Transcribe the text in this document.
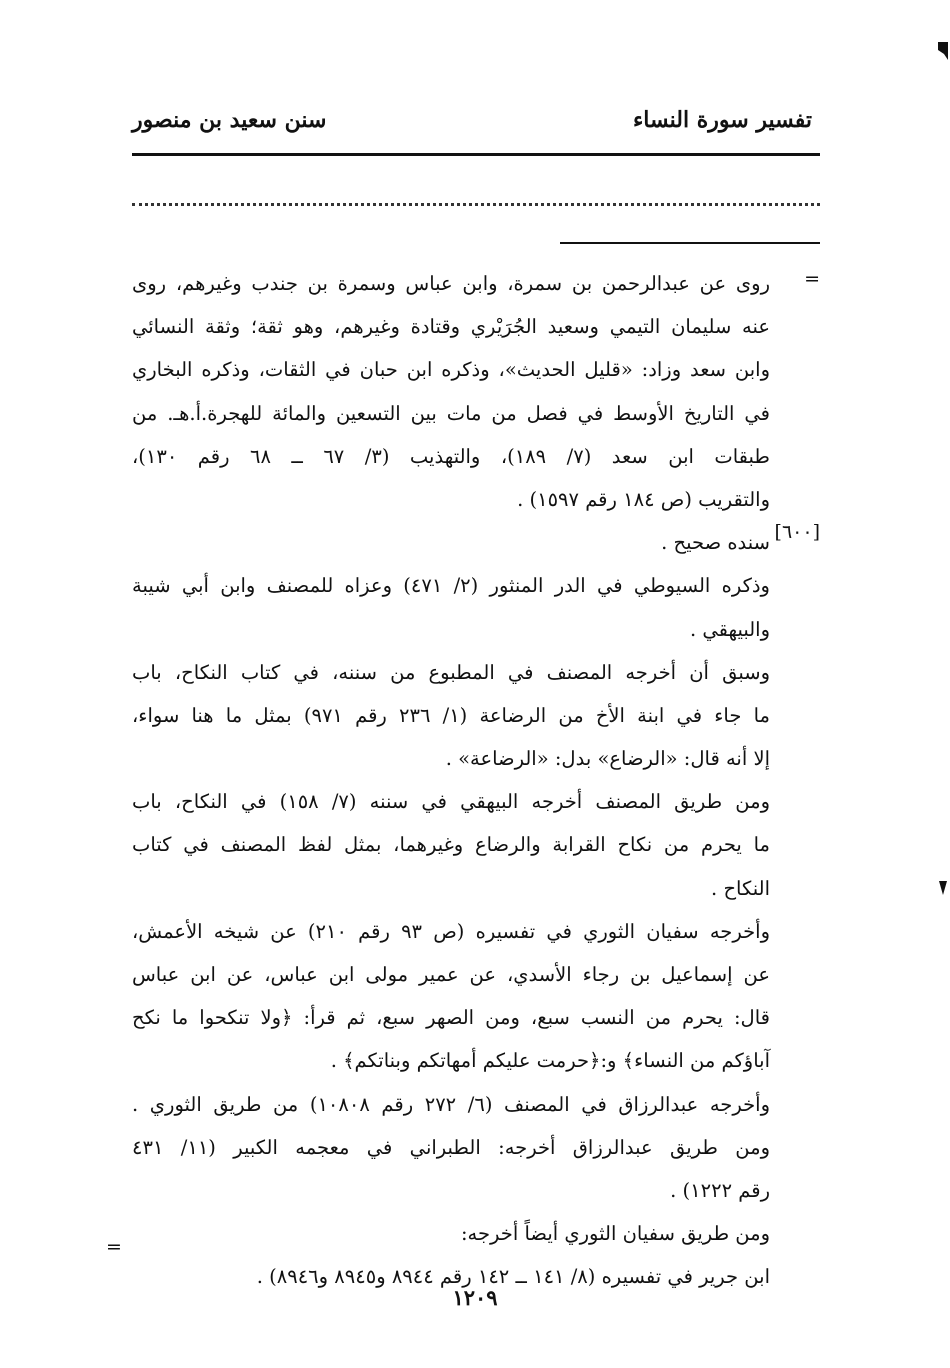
تفسير سورة النساء
سنن سعيد بن منصور
=
[٦٠٠]
=
روى عن عبدالرحمن بن سمرة، وابن عباس وسمرة بن جندب وغيرهم، روى
عنه سليمان التيمي وسعيد الجُرَيْري وقتادة وغيرهم، وهو ثقة؛ وثقة النسائي
وابن سعد وزاد: «قليل الحديث»، وذكره ابن حبان في الثقات، وذكره البخاري
في التاريخ الأوسط في فصل من مات بين التسعين والمائة للهجرة.أ.هـ. من
طبقات ابن سعد (٧/ ١٨٩)، والتهذيب (٣/ ٦٧ ــ ٦٨ رقم ١٣٠)،
والتقريب (ص ١٨٤ رقم ١٥٩٧) .
سنده صحيح .
وذكره السيوطي في الدر المنثور (٢/ ٤٧١) وعزاه للمصنف وابن أبي شيبة
والبيهقي .
وسبق أن أخرجه المصنف في المطبوع من سننه، في كتاب النكاح، باب
ما جاء في ابنة الأخ من الرضاعة (١/ ٢٣٦ رقم ٩٧١) بمثل ما هنا سواء،
إلا أنه قال: «الرضاع» بدل: «الرضاعة» .
ومن طريق المصنف أخرجه البيهقي في سننه (٧/ ١٥٨) في النكاح، باب
ما يحرم من نكاح القرابة والرضاع وغيرهما، بمثل لفظ المصنف في كتاب
النكاح .
وأخرجه سفيان الثوري في تفسيره (ص ٩٣ رقم ٢١٠) عن شيخه الأعمش،
عن إسماعيل بن رجاء الأسدي، عن عمير مولى ابن عباس، عن ابن عباس
قال: يحرم من النسب سبع، ومن الصهر سبع، ثم قرأ: ﴿ولا تنكحوا ما نكح
آباؤكم من النساء﴾ و:﴿حرمت عليكم أمهاتكم وبناتكم﴾ .
وأخرجه عبدالرزاق في المصنف (٦/ ٢٧٢ رقم ١٠٨٠٨) من طريق الثوري .
ومن طريق عبدالرزاق أخرجه: الطبراني في معجمه الكبير (١١/ ٤٣١
رقم ١٢٢٢) .
ومن طريق سفيان الثوري أيضاً أخرجه:
ابن جرير في تفسيره (٨/ ١٤١ ــ ١٤٢ رقم ٨٩٤٤ و٨٩٤٥ و٨٩٤٦) .
١٢٠٩
